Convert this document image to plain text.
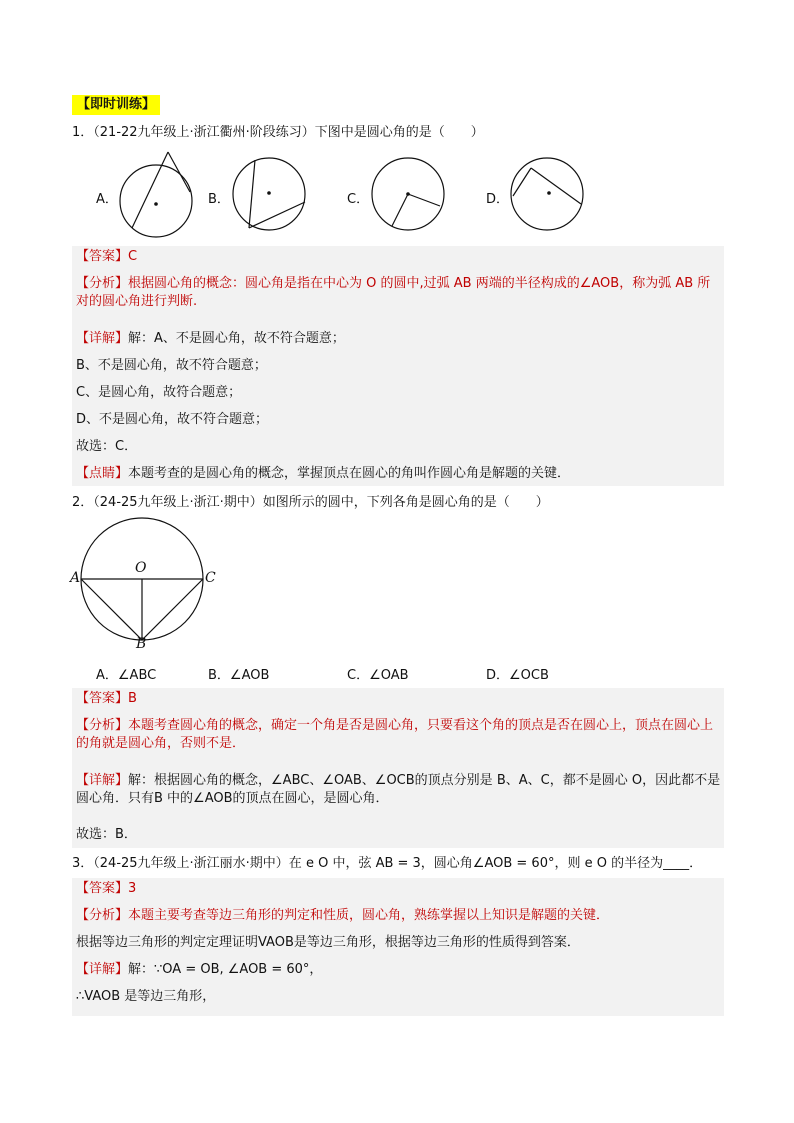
【即时训练】
1．（21-22九年级上·浙江衢州·阶段练习）下图中是圆心角的是（　　）
A．	B．	C．	D．
【答案】C
【分析】根据圆心角的概念：圆心角是指在中心为 O 的圆中,过弧 AB 两端的半径构成的∠AOB，称为弧 AB 所对的圆心角进行判断.
【详解】解：A、不是圆心角，故不符合题意；
B、不是圆心角，故不符合题意；
C、是圆心角，故符合题意；
D、不是圆心角，故不符合题意；
故选：C．
【点睛】本题考查的是圆心角的概念，掌握顶点在圆心的角叫作圆心角是解题的关键．
2．（24-25九年级上·浙江·期中）如图所示的圆中，下列各角是圆心角的是（　　）
A
O
C
B
A．∠ABC	B．∠AOB	C．∠OAB	D．∠OCB
【答案】B
【分析】本题考查圆心角的概念，确定一个角是否是圆心角，只要看这个角的顶点是否在圆心上，顶点在圆心上的角就是圆心角，否则不是．
【详解】解：根据圆心角的概念，∠ABC、∠OAB、∠OCB的顶点分别是 B、A、C，都不是圆心 O，因此都不是圆心角．只有B 中的∠AOB的顶点在圆心，是圆心角．
故选：B．
3．（24-25九年级上·浙江丽水·期中）在 e O 中，弦 AB = 3，圆心角∠AOB = 60°，则 e O 的半径为____．
【答案】3
【分析】本题主要考查等边三角形的判定和性质，圆心角，熟练掌握以上知识是解题的关键．
根据等边三角形的判定定理证明VAOB是等边三角形，根据等边三角形的性质得到答案．
【详解】解：∵OA = OB, ∠AOB = 60°，
∴VAOB 是等边三角形，
